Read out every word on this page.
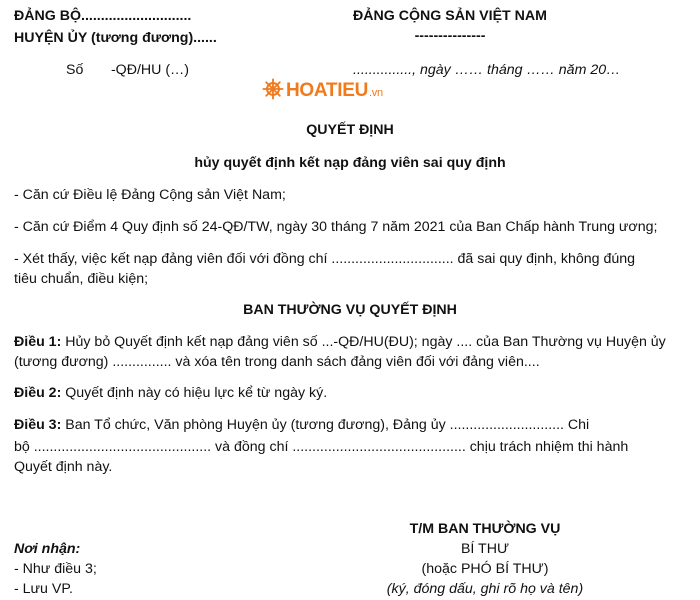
ĐẢNG BỘ............................
HUYỆN ỦY (tương đương)......
Số       -QĐ/HU (…)
ĐẢNG CỘNG SẢN VIỆT NAM
---------------
..............., ngày …… tháng …… năm 20…
HOATIEU.vn
QUYẾT ĐỊNH
hủy quyết định kết nạp đảng viên sai quy định
- Căn cứ Điều lệ Đảng Cộng sản Việt Nam;
- Căn cứ Điểm 4 Quy định số 24-QĐ/TW, ngày 30 tháng 7 năm 2021 của Ban Chấp hành Trung ương;
- Xét thấy, việc kết nạp đảng viên đối với đồng chí ............................... đã sai quy định, không đúng
tiêu chuẩn, điều kiện;
BAN THƯỜNG VỤ QUYẾT ĐỊNH
Điều 1: Hủy bỏ Quyết định kết nạp đảng viên số ...-QĐ/HU(ĐU); ngày .... của Ban Thường vụ Huyện ủy
(tương đương) ............... và xóa tên trong danh sách đảng viên đối với đảng viên....
Điều 2: Quyết định này có hiệu lực kể từ ngày ký.
Điều 3: Ban Tổ chức, Văn phòng Huyện ủy (tương đương), Đảng ủy ............................. Chi
bộ ............................................. và đồng chí ............................................ chịu trách nhiệm thi hành
Quyết định này.
Nơi nhận:
- Như điều 3;
- Lưu VP.
T/M BAN THƯỜNG VỤ
BÍ THƯ
(hoặc PHÓ BÍ THƯ)
(ký, đóng dấu, ghi rõ họ và tên)
